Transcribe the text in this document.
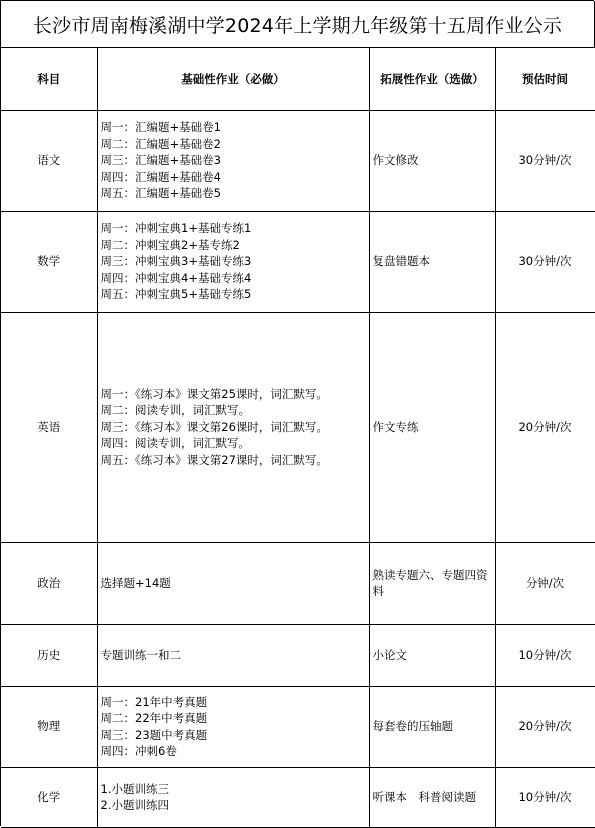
长沙市周南梅溪湖中学2024年上学期九年级第十五周作业公示
科目	基础性作业（必做）	拓展性作业（选做）	预估时间
语文	周一：汇编题+基础卷1
周二：汇编题+基础卷2
周三：汇编题+基础卷3
周四：汇编题+基础卷4
周五：汇编题+基础卷5	作文修改	30分钟/次
数学	周一：冲刺宝典1+基础专练1
周二：冲刺宝典2+基专练2
周三：冲刺宝典3+基础专练3
周四：冲刺宝典4+基础专练4
周五：冲刺宝典5+基础专练5	复盘错题本	30分钟/次
英语	周一：《练习本》课文第25课时，词汇默写。
周二：阅读专训，词汇默写。
周三：《练习本》课文第26课时，词汇默写。
周四：阅读专训，词汇默写。
周五：《练习本》课文第27课时，词汇默写。	作文专练	20分钟/次
政治	选择题+14题	熟读专题六、专题四资料	分钟/次
历史	专题训练一和二	小论文	10分钟/次
物理	周一：21年中考真题
周二：22年中考真题
周三：23题中考真题
周四：冲刺6卷	每套卷的压轴题	20分钟/次
化学	1.小题训练三
2.小题训练四	听课本　科普阅读题	10分钟/次
